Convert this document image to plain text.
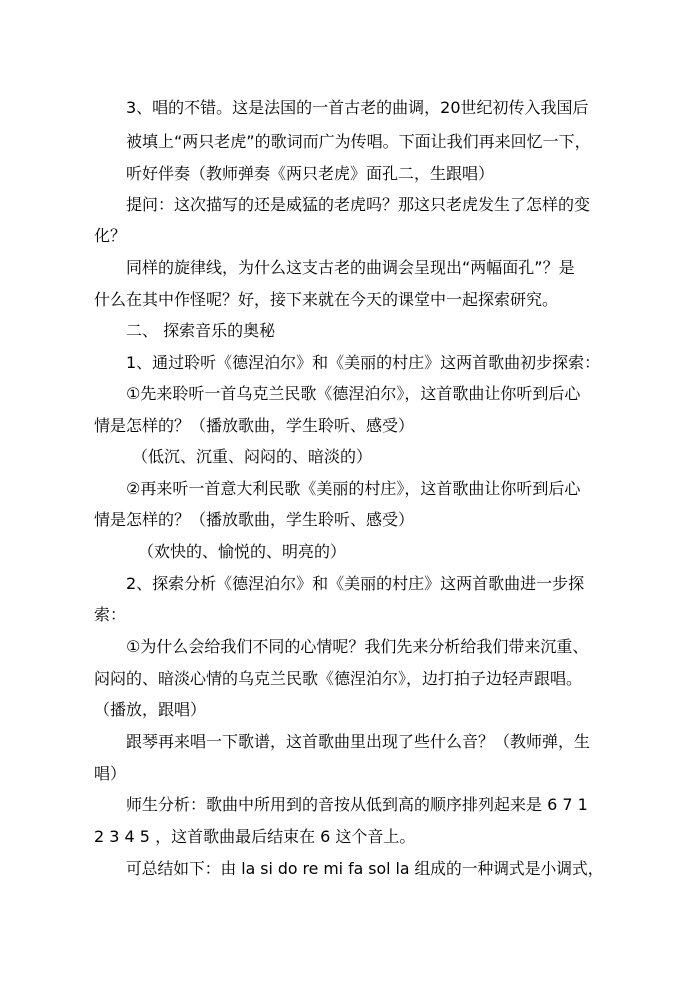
3、唱的不错。这是法国的一首古老的曲调，20世纪初传入我国后
被填上“两只老虎”的歌词而广为传唱。下面让我们再来回忆一下，
听好伴奏（教师弹奏《两只老虎》面孔二，生跟唱）
提问：这次描写的还是威猛的老虎吗？那这只老虎发生了怎样的变
化？
同样的旋律线，为什么这支古老的曲调会呈现出“两幅面孔”？是
什么在其中作怪呢？好，接下来就在今天的课堂中一起探索研究。
二、 探索音乐的奥秘
1、通过聆听《德涅泊尔》和《美丽的村庄》这两首歌曲初步探索：
①先来聆听一首乌克兰民歌《德涅泊尔》，这首歌曲让你听到后心
情是怎样的？（播放歌曲，学生聆听、感受）
（低沉、沉重、闷闷的、暗淡的）
②再来听一首意大利民歌《美丽的村庄》，这首歌曲让你听到后心
情是怎样的？（播放歌曲，学生聆听、感受）
（欢快的、愉悦的、明亮的）
2、探索分析《德涅泊尔》和《美丽的村庄》这两首歌曲进一步探
索：
①为什么会给我们不同的心情呢？我们先来分析给我们带来沉重、
闷闷的、暗淡心情的乌克兰民歌《德涅泊尔》，边打拍子边轻声跟唱。
（播放，跟唱）
跟琴再来唱一下歌谱，这首歌曲里出现了些什么音？（教师弹，生
唱）
师生分析：歌曲中所用到的音按从低到高的顺序排列起来是 6 7 1
2 3 4 5 ，这首歌曲最后结束在 6 这个音上。
可总结如下：由 la si do re mi fa sol la 组成的一种调式是小调式，
